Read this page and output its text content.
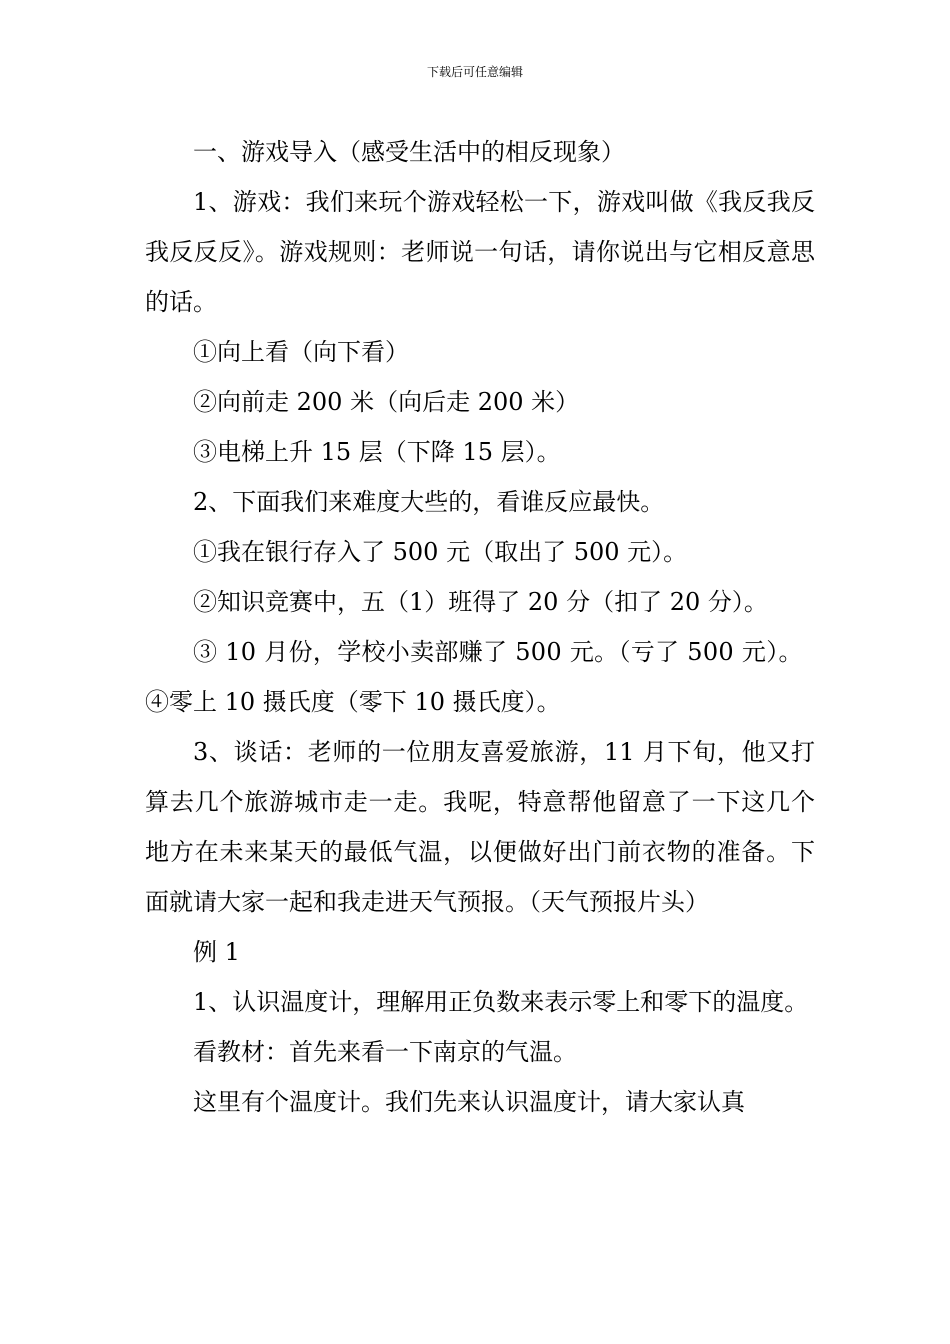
下载后可任意编辑

一、游戏导入（感受生活中的相反现象）

1、游戏：我们来玩个游戏轻松一下，游戏叫做《我反我反我反反反》。游戏规则：老师说一句话，请你说出与它相反意思的话。

①向上看（向下看）

②向前走 200 米（向后走 200 米）

③电梯上升 15 层（下降 15 层）。

2、下面我们来难度大些的，看谁反应最快。

①我在银行存入了 500 元（取出了 500 元）。

②知识竞赛中，五（1）班得了 20 分（扣了 20 分）。

③ 10 月份，学校小卖部赚了 500 元。（亏了 500 元）。

④零上 10 摄氏度（零下 10 摄氏度）。

3、谈话：老师的一位朋友喜爱旅游，11 月下旬，他又打算去几个旅游城市走一走。我呢，特意帮他留意了一下这几个地方在未来某天的最低气温，以便做好出门前衣物的准备。下面就请大家一起和我走进天气预报。（天气预报片头）

例 1

1、认识温度计，理解用正负数来表示零上和零下的温度。

看教材：首先来看一下南京的气温。

这里有个温度计。我们先来认识温度计，请大家认真
